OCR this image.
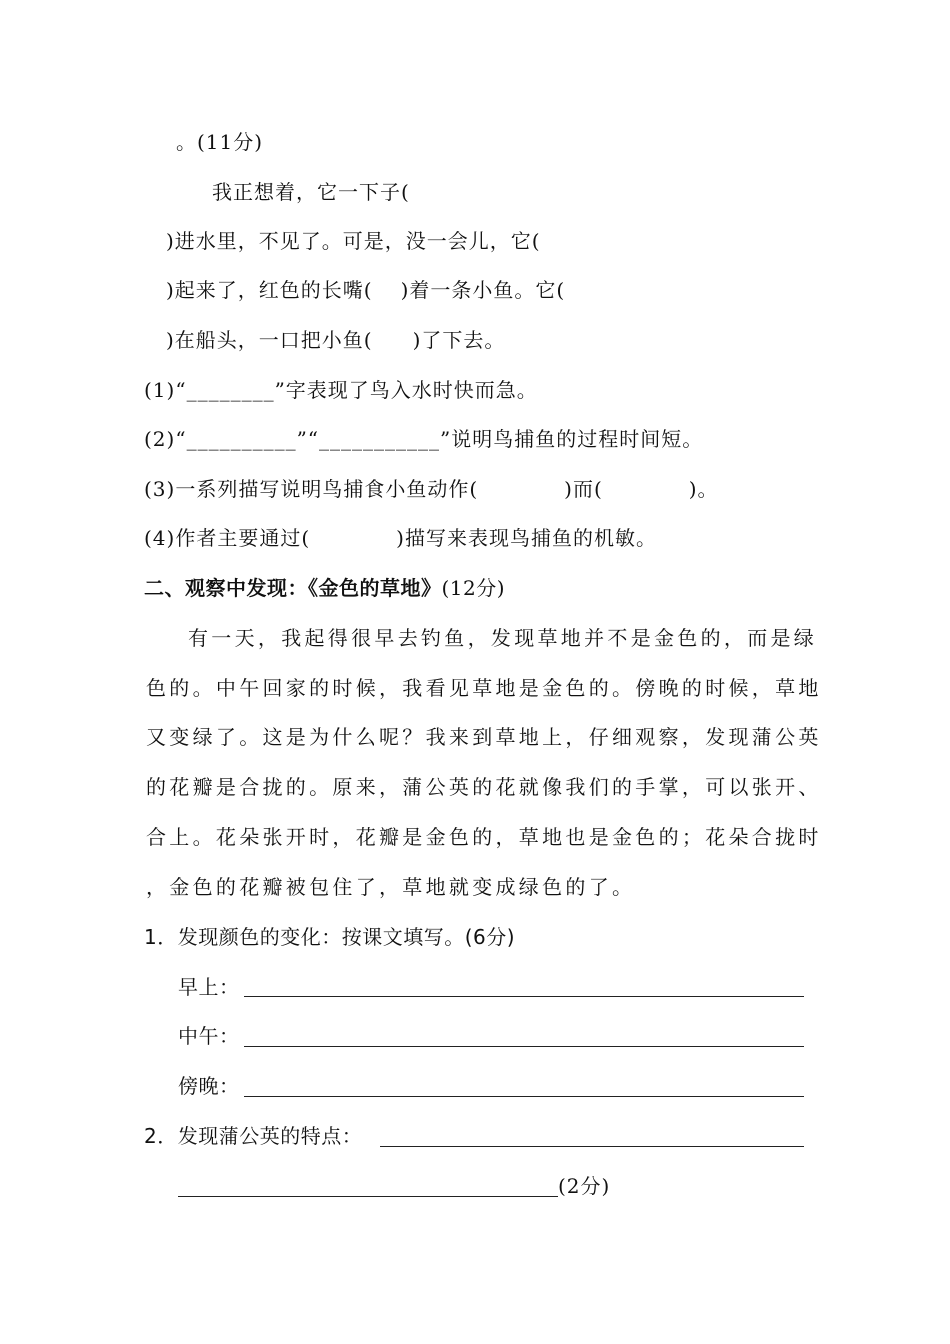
。(11分)
我正想着，它一下子(
)进水里，不见了。可是，没一会儿，它(
)起来了，红色的长嘴( )着一条小鱼。它(
)在船头，一口把小鱼( )了下去。
(1)“________”字表现了鸟入水时快而急。
(2)“__________”“___________”说明鸟捕鱼的过程时间短。
(3)一系列描写说明鸟捕食小鱼动作(	)而(	)。
(4)作者主要通过(	)描写来表现鸟捕鱼的机敏。
二、观察中发现：《金色的草地》(12分)
有一天，我起得很早去钓鱼，发现草地并不是金色的，而是绿
色的。中午回家的时候，我看见草地是金色的。傍晚的时候，草地
又变绿了。这是为什么呢？我来到草地上，仔细观察，发现蒲公英
的花瓣是合拢的。原来，蒲公英的花就像我们的手掌，可以张开、
合上。花朵张开时，花瓣是金色的，草地也是金色的；花朵合拢时
，金色的花瓣被包住了，草地就变成绿色的了。
1．发现颜色的变化：按课文填写。(6分)
早上：
中午：
傍晚：
2．发现蒲公英的特点：
(2分)
